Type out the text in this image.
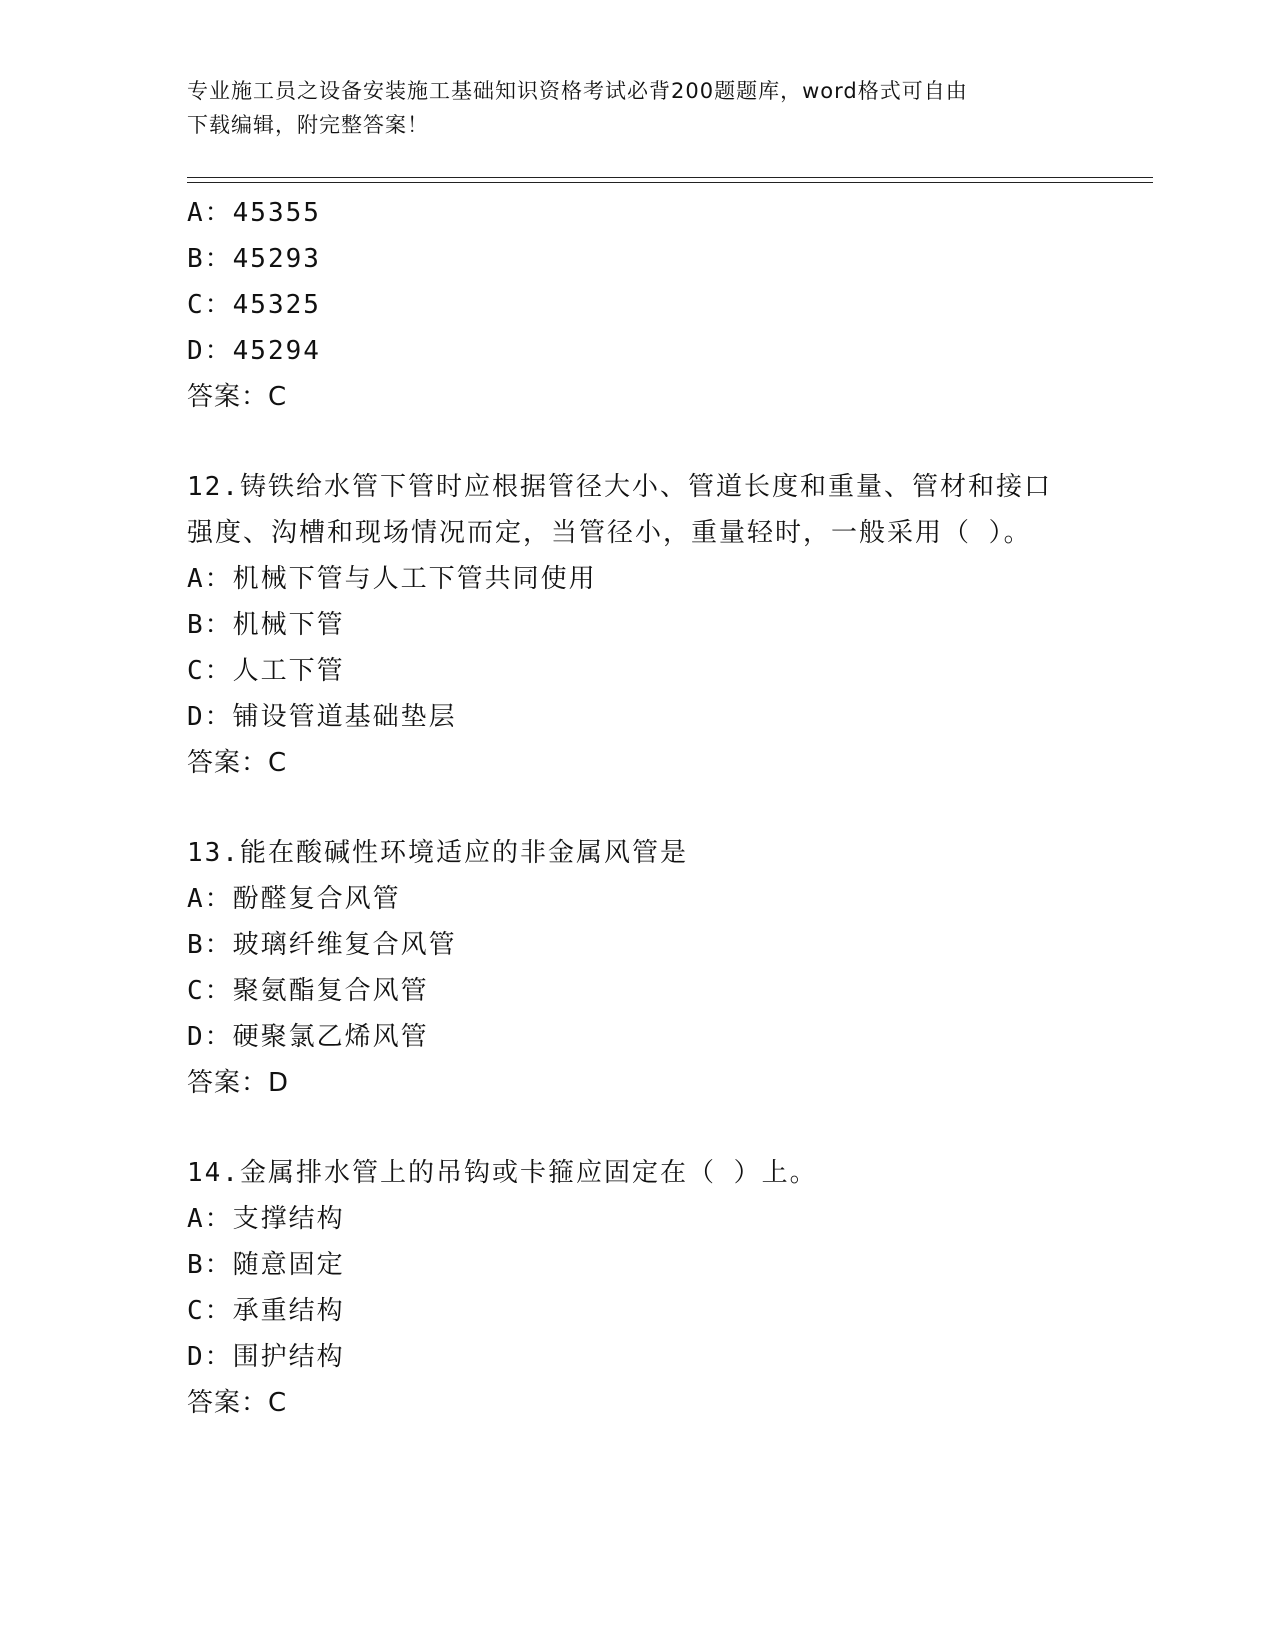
专业施工员之设备安装施工基础知识资格考试必背200题题库，word格式可自由
下载编辑，附完整答案！
A：45355
B：45293
C：45325
D：45294
答案：C
12.铸铁给水管下管时应根据管径大小、管道长度和重量、管材和接口
强度、沟槽和现场情况而定，当管径小，重量轻时，一般采用（ ）。
A：机械下管与人工下管共同使用
B：机械下管
C：人工下管
D：铺设管道基础垫层
答案：C
13.能在酸碱性环境适应的非金属风管是
A：酚醛复合风管
B：玻璃纤维复合风管
C：聚氨酯复合风管
D：硬聚氯乙烯风管
答案：D
14.金属排水管上的吊钩或卡箍应固定在（ ）上。
A：支撑结构
B：随意固定
C：承重结构
D：围护结构
答案：C
